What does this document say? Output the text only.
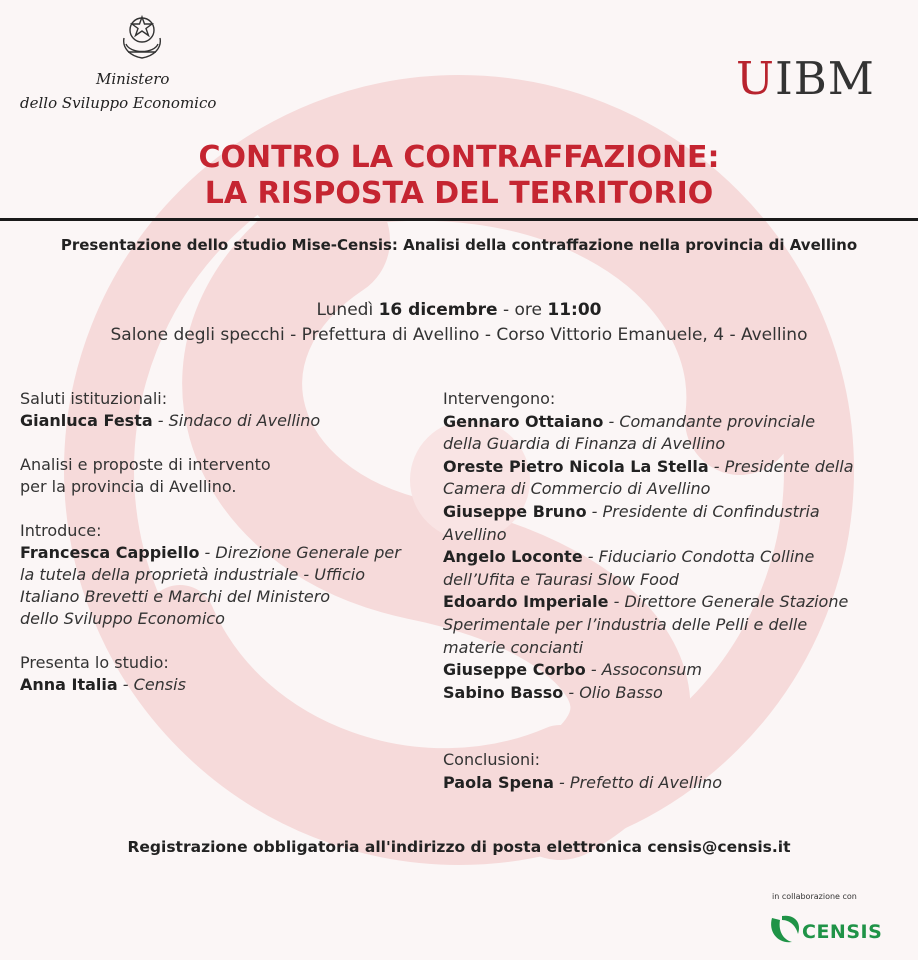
Ministero
dello Sviluppo Economico	UIBM
CONTRO LA CONTRAFFAZIONE:
LA RISPOSTA DEL TERRITORIO
Presentazione dello studio Mise-Censis: Analisi della contraffazione nella provincia di Avellino
Lunedì 16 dicembre - ore 11:00
Salone degli specchi - Prefettura di Avellino - Corso Vittorio Emanuele, 4 - Avellino
Saluti istituzionali:
Gianluca Festa - Sindaco di Avellino
Analisi e proposte di intervento
per la provincia di Avellino.
Introduce:
Francesca Cappiello - Direzione Generale per
la tutela della proprietà industriale - Ufficio
Italiano Brevetti e Marchi del Ministero
dello Sviluppo Economico
Presenta lo studio:
Anna Italia - Censis
Intervengono:
Gennaro Ottaiano - Comandante provinciale
della Guardia di Finanza di Avellino
Oreste Pietro Nicola La Stella - Presidente della
Camera di Commercio di Avellino
Giuseppe Bruno - Presidente di Confindustria
Avellino
Angelo Loconte - Fiduciario Condotta Colline
dell’Ufita e Taurasi Slow Food
Edoardo Imperiale - Direttore Generale Stazione
Sperimentale per l’industria delle Pelli e delle
materie concianti
Giuseppe Corbo - Assoconsum
Sabino Basso - Olio Basso
Conclusioni:
Paola Spena - Prefetto di Avellino
Registrazione obbligatoria all'indirizzo di posta elettronica censis@censis.it
in collaborazione con
CENSIS
